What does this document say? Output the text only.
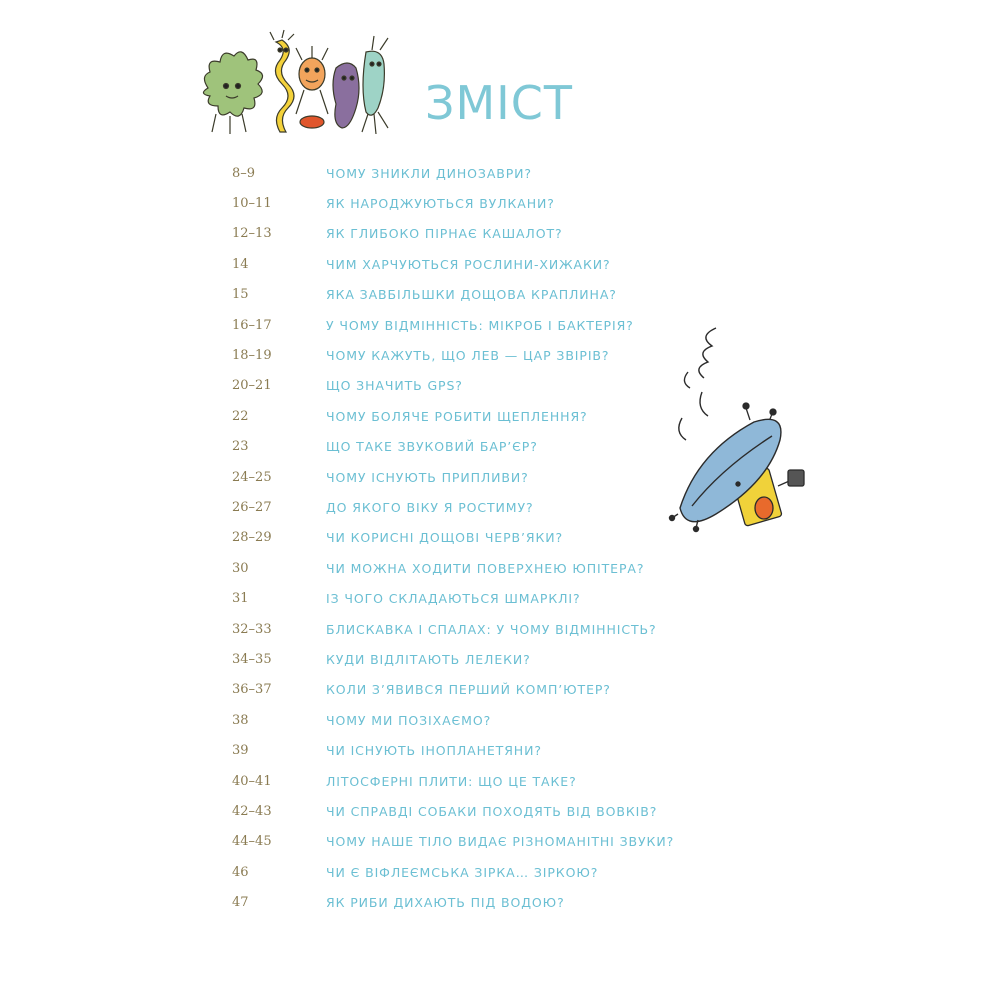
ЗМІСТ
8–9	ЧОМУ ЗНИКЛИ ДИНОЗАВРИ?
10–11	ЯК НАРОДЖУЮТЬСЯ ВУЛКАНИ?
12–13	ЯК ГЛИБОКО ПІРНАЄ КАШАЛОТ?
14	ЧИМ ХАРЧУЮТЬСЯ РОСЛИНИ-ХИЖАКИ?
15	ЯКА ЗАВБІЛЬШКИ ДОЩОВА КРАПЛИНА?
16–17	У ЧОМУ ВІДМІННІСТЬ: МІКРОБ І БАКТЕРІЯ?
18–19	ЧОМУ КАЖУТЬ, ЩО ЛЕВ — ЦАР ЗВІРІВ?
20–21	ЩО ЗНАЧИТЬ GPS?
22	ЧОМУ БОЛЯЧЕ РОБИТИ ЩЕПЛЕННЯ?
23	ЩО ТАКЕ ЗВУКОВИЙ БАР’ЄР?
24–25	ЧОМУ ІСНУЮТЬ ПРИПЛИВИ?
26–27	ДО ЯКОГО ВІКУ Я РОСТИМУ?
28–29	ЧИ КОРИСНІ ДОЩОВІ ЧЕРВ’ЯКИ?
30	ЧИ МОЖНА ХОДИТИ ПОВЕРХНЕЮ ЮПІТЕРА?
31	ІЗ ЧОГО СКЛАДАЮТЬСЯ ШМАРКЛІ?
32–33	БЛИСКАВКА І СПАЛАХ: У ЧОМУ ВІДМІННІСТЬ?
34–35	КУДИ ВІДЛІТАЮТЬ ЛЕЛЕКИ?
36–37	КОЛИ З’ЯВИВСЯ ПЕРШИЙ КОМП’ЮТЕР?
38	ЧОМУ МИ ПОЗІХАЄМО?
39	ЧИ ІСНУЮТЬ ІНОПЛАНЕТЯНИ?
40–41	ЛІТОСФЕРНІ ПЛИТИ: ЩО ЦЕ ТАКЕ?
42–43	ЧИ СПРАВДІ СОБАКИ ПОХОДЯТЬ ВІД ВОВКІВ?
44–45	ЧОМУ НАШЕ ТІЛО ВИДАЄ РІЗНОМАНІТНІ ЗВУКИ?
46	ЧИ Є ВІФЛЕЄМСЬКА ЗІРКА… ЗІРКОЮ?
47	ЯК РИБИ ДИХАЮТЬ ПІД ВОДОЮ?
